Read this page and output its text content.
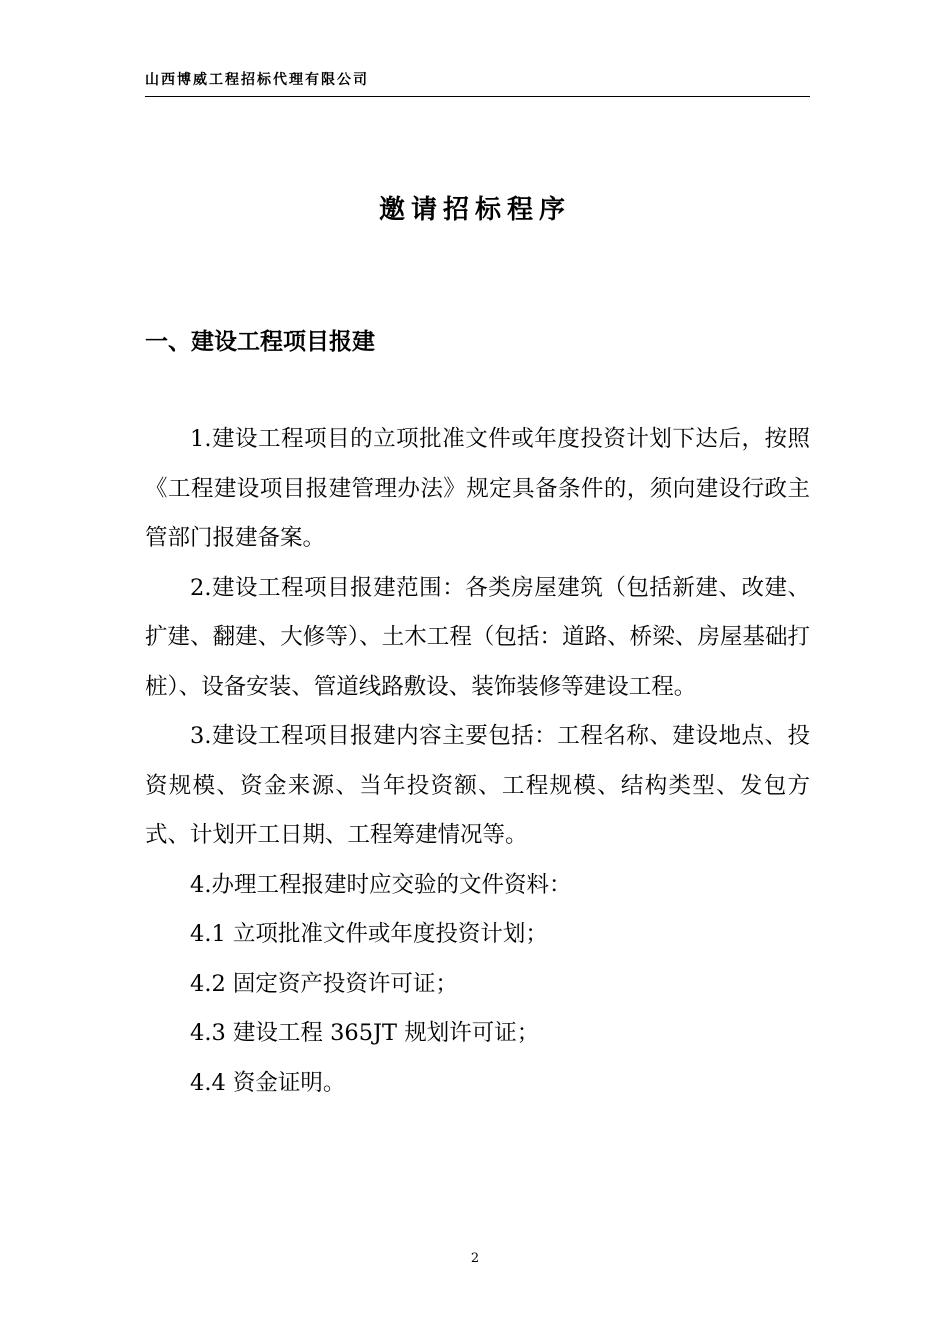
山西博威工程招标代理有限公司
邀请招标程序
一、建设工程项目报建

1.建设工程项目的立项批准文件或年度投资计划下达后，按照《工程建设项目报建管理办法》规定具备条件的，须向建设行政主管部门报建备案。

2.建设工程项目报建范围：各类房屋建筑（包括新建、改建、扩建、翻建、大修等）、土木工程（包括：道路、桥梁、房屋基础打桩）、设备安装、管道线路敷设、装饰装修等建设工程。

3.建设工程项目报建内容主要包括：工程名称、建设地点、投资规模、资金来源、当年投资额、工程规模、结构类型、发包方式、计划开工日期、工程筹建情况等。

4.办理工程报建时应交验的文件资料：

4.1 立项批准文件或年度投资计划；

4.2 固定资产投资许可证；

4.3 建设工程 365JT 规划许可证；

4.4 资金证明。

2
